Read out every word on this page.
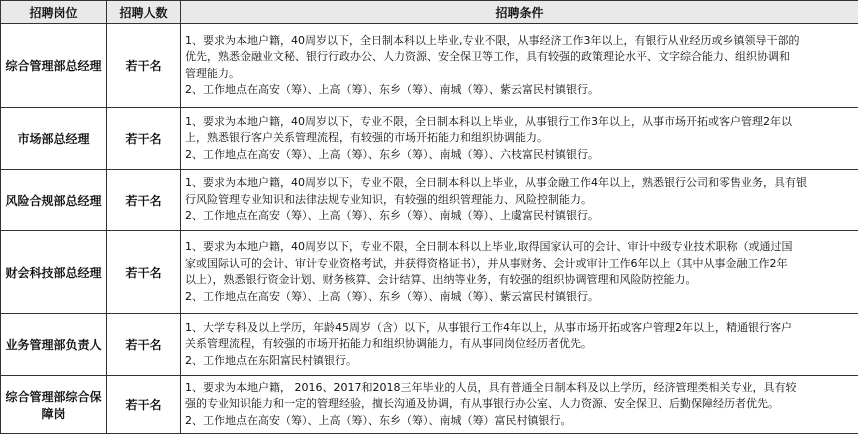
招聘岗位	招聘人数	招聘条件
综合管理部总经理	若干名	1、要求为本地户籍，40周岁以下，全日制本科以上毕业,专业不限，从事经济工作3年以上，有银行从业经历或乡镇领导干部的
优先，熟悉金融业文秘、银行行政办公、人力资源、安全保卫等工作，具有较强的政策理论水平、文字综合能力、组织协调和
管理能力。
2、工作地点在高安（筹）、上高（筹）、东乡（筹）、南城（筹）、紫云富民村镇银行。

市场部总经理	若干名	1、要求为本地户籍，40周岁以下，专业不限，全日制本科以上毕业，从事银行工作3年以上，从事市场开拓或客户管理2年以
上，熟悉银行客户关系管理流程，有较强的市场开拓能力和组织协调能力。
2、工作地点在高安（筹）、上高（筹）、东乡（筹）、南城（筹）、六枝富民村镇银行。

风险合规部总经理	若干名	1、要求为本地户籍，40周岁以下，专业不限，全日制本科以上毕业，从事金融工作4年以上，熟悉银行公司和零售业务，具有银
行风险管理专业知识和法律法规专业知识，有较强的组织管理能力、风险控制能力。
2、工作地点在高安（筹）、上高（筹）、东乡（筹）、南城（筹）、上虞富民村镇银行。

财会科技部总经理	若干名	1、要求为本地户籍，40周岁以下，专业不限，全日制本科以上毕业,取得国家认可的会计、审计中级专业技术职称（或通过国
家或国际认可的会计、审计专业资格考试，并获得资格证书），并从事财务、会计或审计工作6年以上（其中从事金融工作2年
以上），熟悉银行资金计划、财务核算、会计结算、出纳等业务，有较强的组织协调管理和风险防控能力。
2、工作地点在高安（筹）、上高（筹）、东乡（筹）、南城（筹）、紫云富民村镇银行。

业务管理部负责人	若干名	1、大学专科及以上学历，年龄45周岁（含）以下，从事银行工作4年以上，从事市场开拓或客户管理2年以上，精通银行客户
关系管理流程，有较强的市场开拓能力和组织协调能力，有从事同岗位经历者优先。
2、工作地点在东阳富民村镇银行。

综合管理部综合保
障岗	若干名	1、要求为本地户籍， 2016、2017和2018三年毕业的人员，具有普通全日制本科及以上学历，经济管理类相关专业，具有较
强的专业知识能力和一定的管理经验，擅长沟通及协调，有从事银行办公室、人力资源、安全保卫、后勤保障经历者优先。
2、工作地点在高安（筹）、上高（筹）、东乡（筹）、南城（筹）富民村镇银行。
